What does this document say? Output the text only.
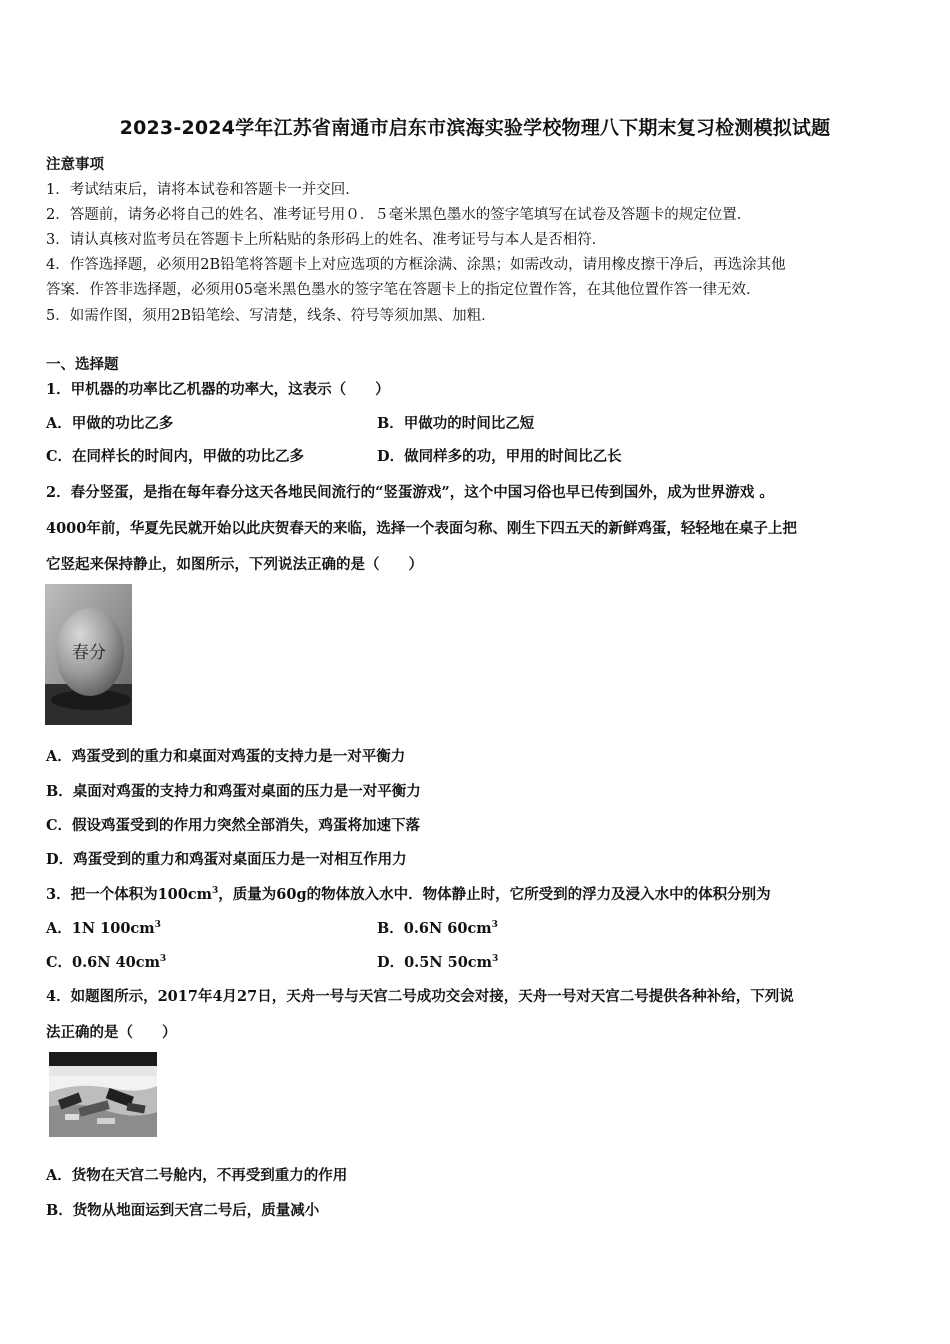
2023-2024学年江苏省南通市启东市滨海实验学校物理八下期末复习检测模拟试题
注意事项
1．考试结束后，请将本试卷和答题卡一并交回．
2．答题前，请务必将自己的姓名、准考证号用０．５毫米黑色墨水的签字笔填写在试卷及答题卡的规定位置．
3．请认真核对监考员在答题卡上所粘贴的条形码上的姓名、准考证号与本人是否相符．
4．作答选择题，必须用2B铅笔将答题卡上对应选项的方框涂满、涂黑；如需改动，请用橡皮擦干净后，再选涂其他
答案．作答非选择题，必须用05毫米黑色墨水的签字笔在答题卡上的指定位置作答，在其他位置作答一律无效．
5．如需作图，须用2B铅笔绘、写清楚，线条、符号等须加黑、加粗．
一、选择题
1．甲机器的功率比乙机器的功率大，这表示（　　）
A．甲做的功比乙多	B．甲做功的时间比乙短
C．在同样长的时间内，甲做的功比乙多	D．做同样多的功，甲用的时间比乙长
2．春分竖蛋，是指在每年春分这天各地民间流行的“竖蛋游戏”，这个中国习俗也早已传到国外，成为世界游戏 。
4000年前，华夏先民就开始以此庆贺春天的来临，选择一个表面匀称、刚生下四五天的新鲜鸡蛋，轻轻地在桌子上把
它竖起来保持静止，如图所示，下列说法正确的是（　　）
春分
A．鸡蛋受到的重力和桌面对鸡蛋的支持力是一对平衡力
B．桌面对鸡蛋的支持力和鸡蛋对桌面的压力是一对平衡力
C．假设鸡蛋受到的作用力突然全部消失，鸡蛋将加速下落
D．鸡蛋受到的重力和鸡蛋对桌面压力是一对相互作用力
3．把一个体积为$100cm^3$，质量为60g的物体放入水中．物体静止时，它所受到的浮力及浸入水中的体积分别为
A．1N $100cm^3$	B．0.6N $60cm^3$
C．0.6N $40cm^3$	D．0.5N $50cm^3$
4．如题图所示，2017年4月27日，天舟一号与天宫二号成功交会对接，天舟一号对天宫二号提供各种补给，下列说
法正确的是（　　）
A．货物在天宫二号舱内，不再受到重力的作用
B．货物从地面运到天宫二号后，质量减小
